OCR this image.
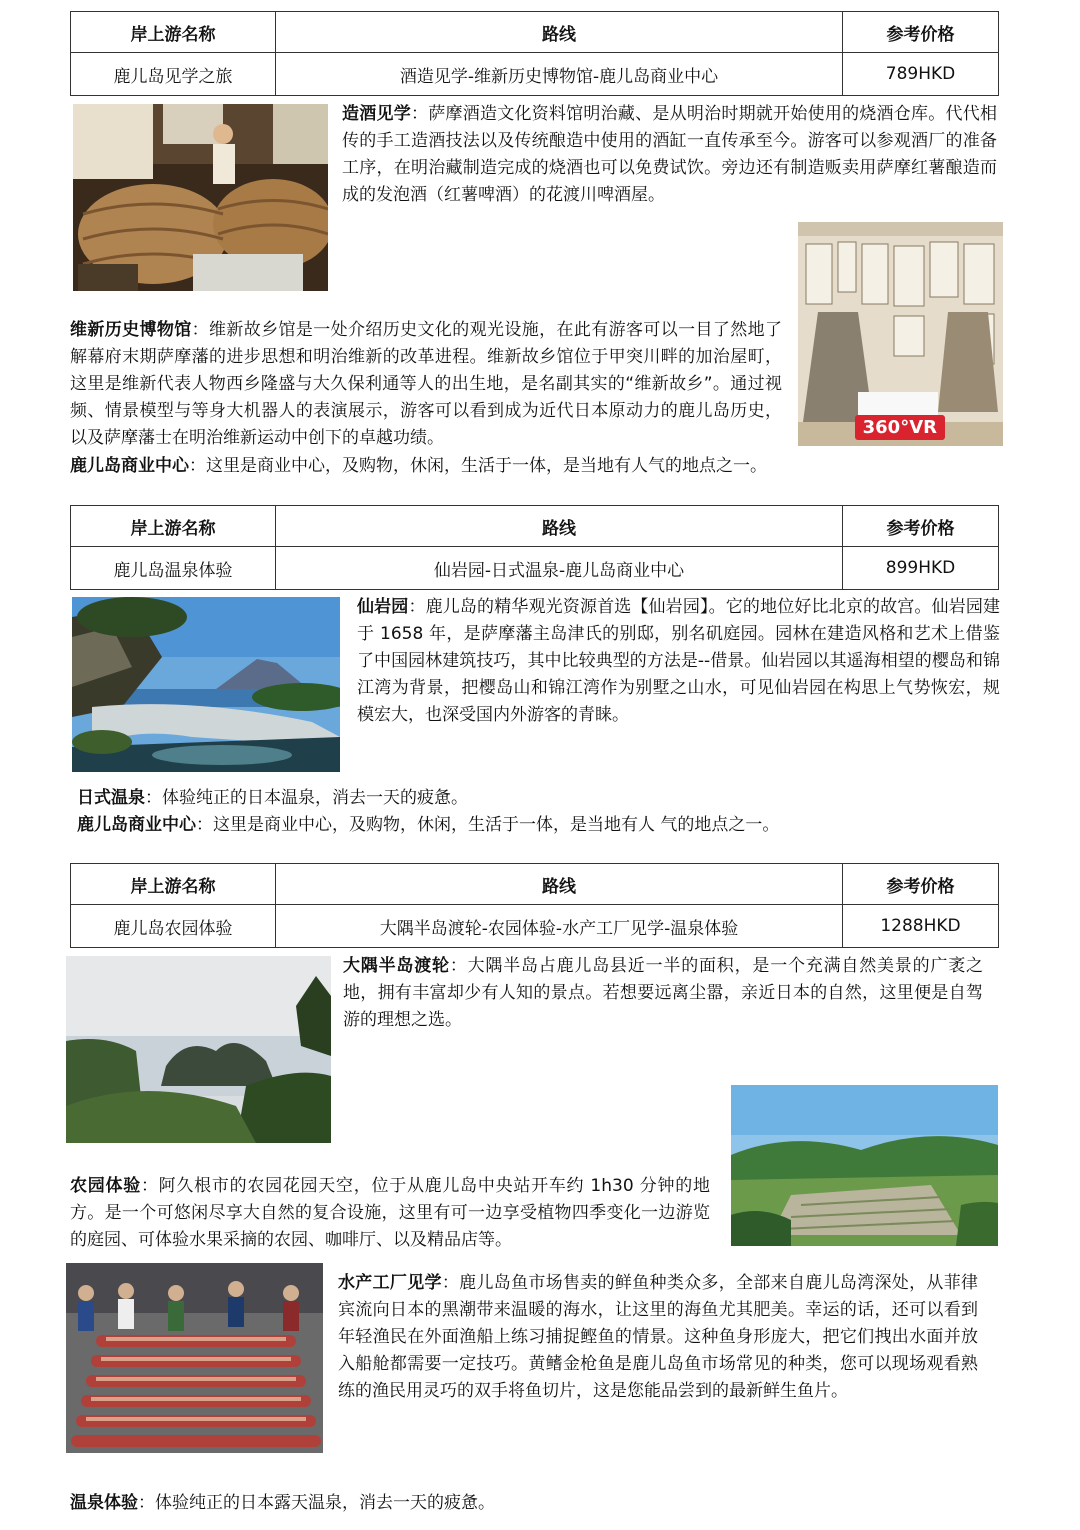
岸上游名称	路线	参考价格
鹿儿岛见学之旅	酒造见学-维新历史博物馆-鹿儿岛商业中心	789HKD
造酒见学：萨摩酒造文化资料馆明治藏、是从明治时期就开始使用的烧酒仓库。代代相传的手工造酒技法以及传统酿造中使用的酒缸一直传承至今。游客可以参观酒厂的准备工序，在明治藏制造完成的烧酒也可以免费试饮。旁边还有制造贩卖用萨摩红薯酿造而成的发泡酒（红薯啤酒）的花渡川啤酒屋。
360°VR
维新历史博物馆：维新故乡馆是一处介绍历史文化的观光设施，在此有游客可以一目了然地了解幕府末期萨摩藩的进步思想和明治维新的改革进程。维新故乡馆位于甲突川畔的加治屋町，这里是维新代表人物西乡隆盛与大久保利通等人的出生地，是名副其实的“维新故乡”。通过视频、情景模型与等身大机器人的表演展示，游客可以看到成为近代日本原动力的鹿儿岛历史，以及萨摩藩士在明治维新运动中创下的卓越功绩。
鹿儿岛商业中心：这里是商业中心，及购物，休闲，生活于一体，是当地有人气的地点之一。
岸上游名称	路线	参考价格
鹿儿岛温泉体验	仙岩园-日式温泉-鹿儿岛商业中心	899HKD
仙岩园：鹿儿岛的精华观光资源首选【仙岩园】。它的地位好比北京的故宫。仙岩园建于 1658 年，是萨摩藩主岛津氏的别邸，别名矶庭园。园林在建造风格和艺术上借鉴了中国园林建筑技巧，其中比较典型的方法是--借景。仙岩园以其遥海相望的樱岛和锦江湾为背景，把樱岛山和锦江湾作为别墅之山水，可见仙岩园在构思上气势恢宏，规模宏大，也深受国内外游客的青睐。
日式温泉：体验纯正的日本温泉，消去一天的疲惫。
鹿儿岛商业中心：这里是商业中心，及购物，休闲，生活于一体，是当地有人 气的地点之一。
岸上游名称	路线	参考价格
鹿儿岛农园体验	大隅半岛渡轮-农园体验-水产工厂见学-温泉体验	1288HKD
大隅半岛渡轮：大隅半岛占鹿儿岛县近一半的面积，是一个充满自然美景的广袤之地，拥有丰富却少有人知的景点。若想要远离尘嚣，亲近日本的自然，这里便是自驾游的理想之选。
农园体验：阿久根市的农园花园天空，位于从鹿儿岛中央站开车约 1h30 分钟的地方。是一个可悠闲尽享大自然的复合设施，这里有可一边享受植物四季变化一边游览的庭园、可体验水果采摘的农园、咖啡厅、以及精品店等。
水产工厂见学：鹿儿岛鱼市场售卖的鲜鱼种类众多，全部来自鹿儿岛湾深处，从菲律宾流向日本的黑潮带来温暖的海水，让这里的海鱼尤其肥美。幸运的话，还可以看到年轻渔民在外面渔船上练习捕捉鲣鱼的情景。这种鱼身形庞大，把它们拽出水面并放入船舱都需要一定技巧。黄鳍金枪鱼是鹿儿岛鱼市场常见的种类，您可以现场观看熟练的渔民用灵巧的双手将鱼切片，这是您能品尝到的最新鲜生鱼片。
温泉体验：体验纯正的日本露天温泉，消去一天的疲惫。
